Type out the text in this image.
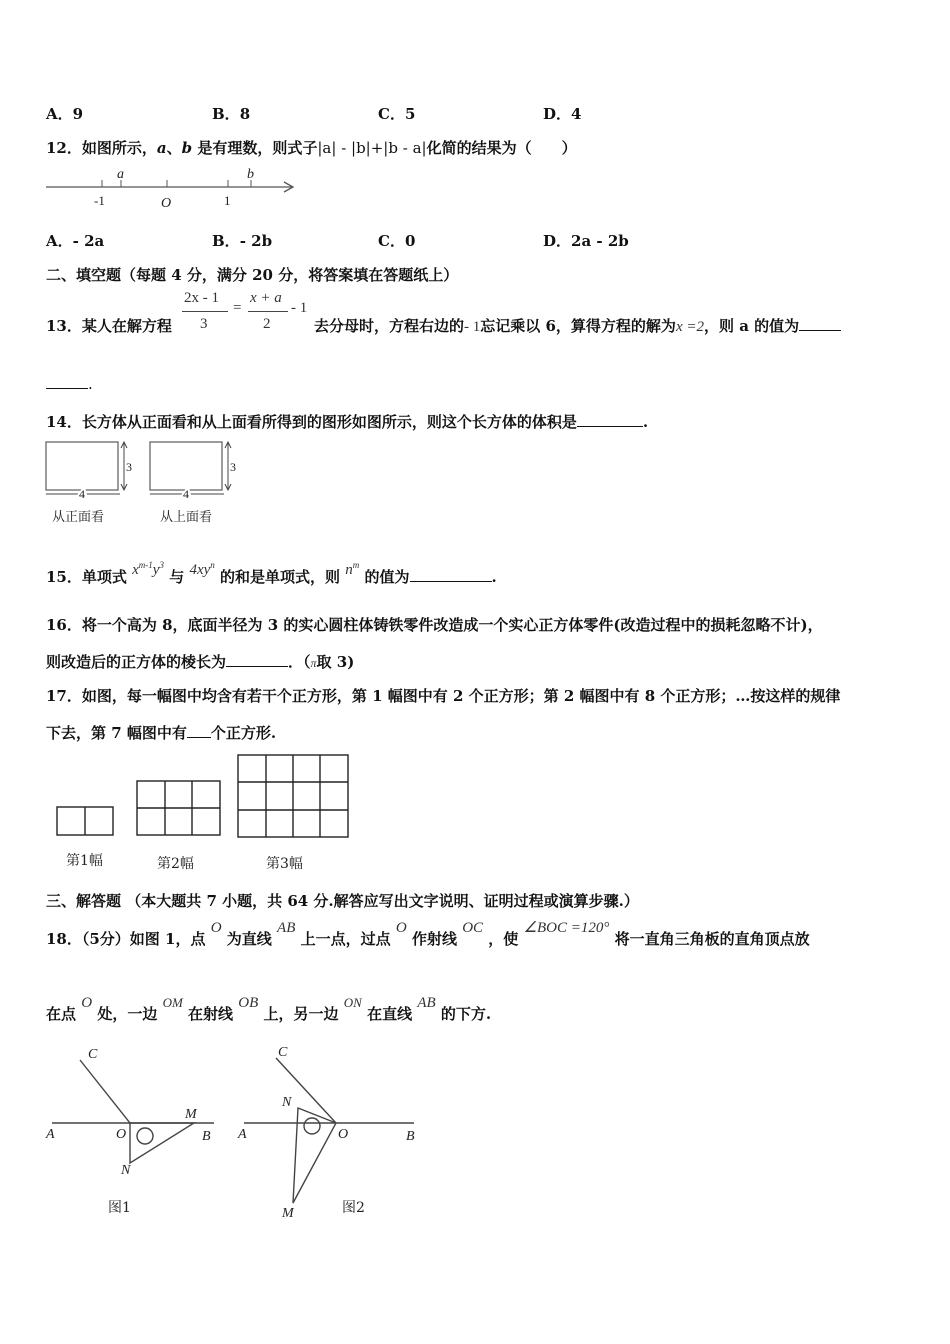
A．9	B．8	C．5	D．4
12．如图所示，a、b 是有理数，则式子|a| - |b|+|b - a|化简的结果为（　　）
-1	O	1
a	b
A．- 2a	B．- 2b	C．0	D．2a - 2b
二、填空题（每题 4 分，满分 20 分，将答案填在答题纸上）
13．某人在解方程
2x - 1
3
=
x + a
2
- 1
去分母时，方程右边的- 1忘记乘以 6，算得方程的解为x =2，则 a 的值为
.
14．长方体从正面看和从上面看所得到的图形如图所示，则这个长方体的体积是	.
3
4
3
4
从正面看	从上面看
15．单项式 $x^{m-1}y^3$ 与 $4xy^n$ 的和是单项式，则 $n^m$ 的值为	.
16．将一个高为 8，底面半径为 3 的实心圆柱体铸铁零件改造成一个实心正方体零件(改造过程中的损耗忽略不计)，
则改造后的正方体的棱长为	．（π取 3)
17．如图，每一幅图中均含有若干个正方形，第 1 幅图中有 2 个正方形；第 2 幅图中有 8 个正方形；…按这样的规律
下去，第 7 幅图中有 个正方形.
第1幅	第2幅	第3幅
三、解答题 （本大题共 7 小题，共 64 分.解答应写出文字说明、证明过程或演算步骤.）
18．（5分）如图 1，点 O 为直线 AB 上一点，过点 O 作射线 OC ，使 ∠BOC =120° 将一直角三角板的直角顶点放
在点 O 处，一边 OM 在射线 OB 上，另一边 ON 在直线 AB 的下方.
C
A	O	B
M
N
图1
C
A	O	B
N
M	图2
